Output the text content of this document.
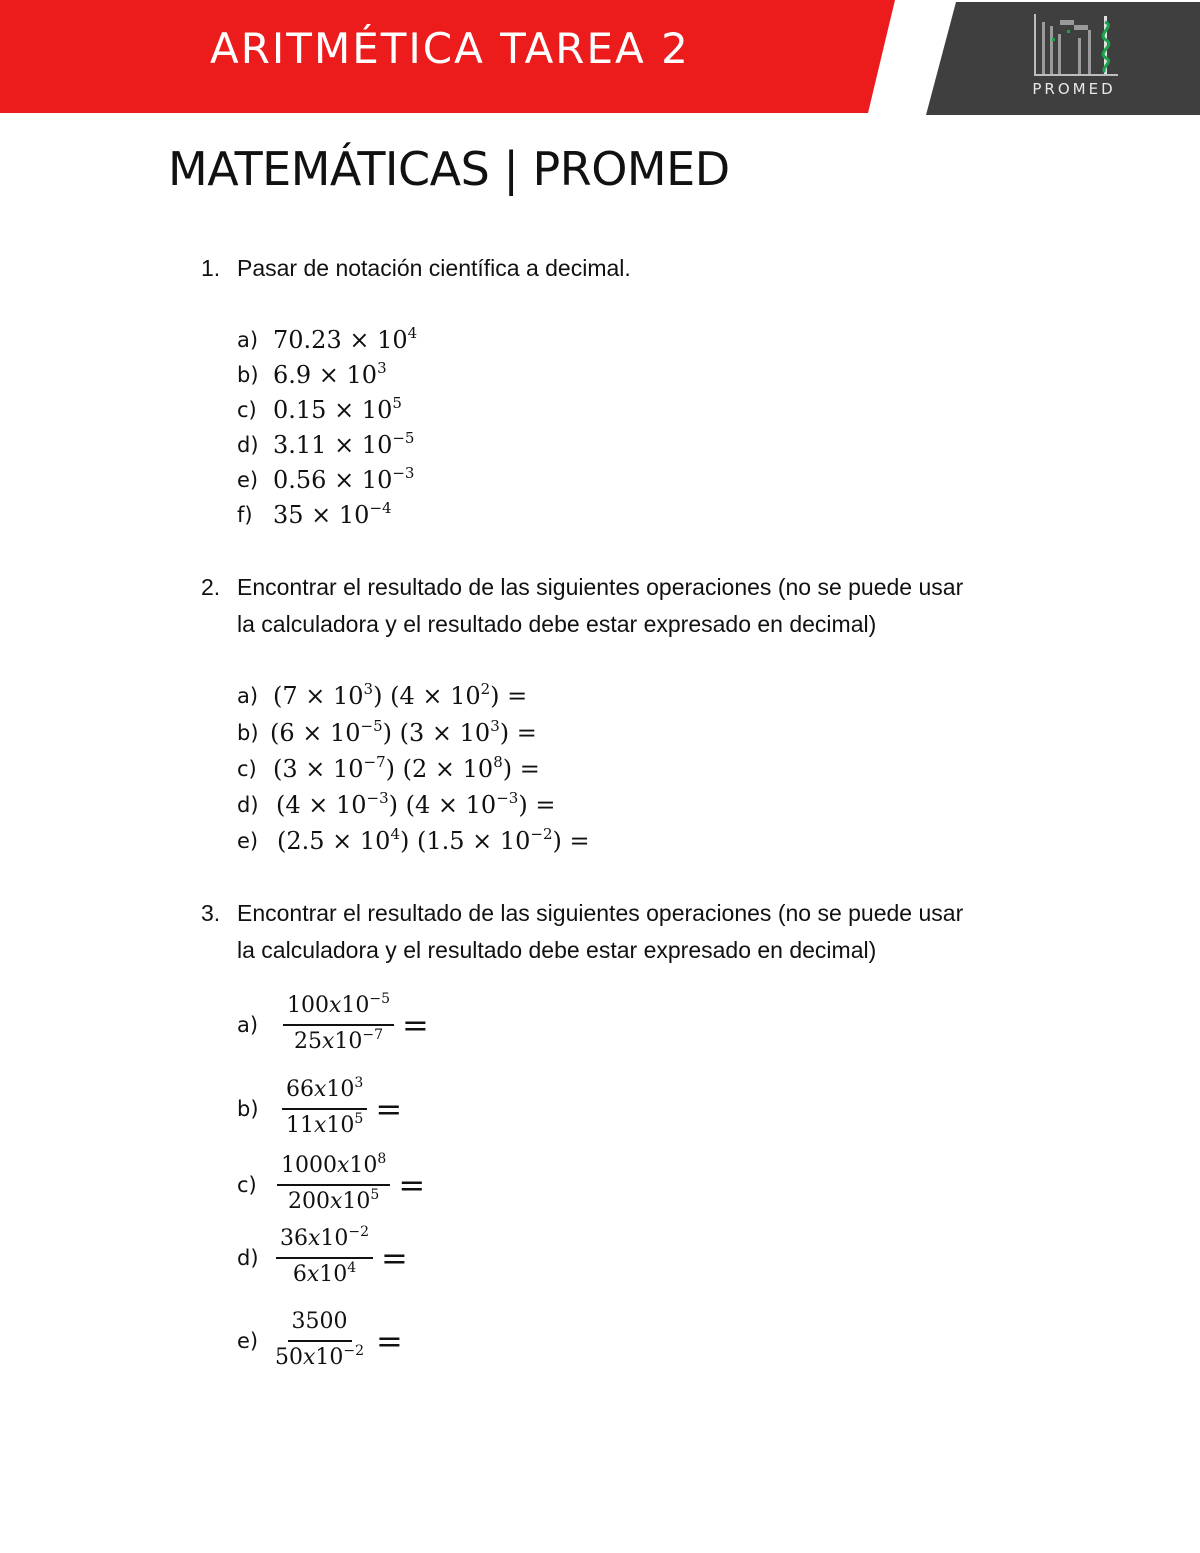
ARITMÉTICA TAREA 2
PROMED
MATEMÁTICAS | PROMED
1. Pasar de notación científica a decimal.
a) $70.23 \times 10^4$
b) $6.9 \times 10^3$
c) $0.15 \times 10^5$
d) $3.11 \times 10^{-5}$
e) $0.56 \times 10^{-3}$
f) $35 \times 10^{-4}$
2. Encontrar el resultado de las siguientes operaciones (no se puede usar
la calculadora y el resultado debe estar expresado en decimal)
a) $(7 \times 10^3)$ $(4 \times 10^2)$ =
b) $(6 \times 10^{-5})$ $(3 \times 10^3)$ =
c) $(3 \times 10^{-7})$ $(2 \times 10^8)$ =
d) $(4 \times 10^{-3})$ $(4 \times 10^{-3})$ =
e) $(2.5 \times 10^4)$ $(1.5 \times 10^{-2})$ =
3. Encontrar el resultado de las siguientes operaciones (no se puede usar
la calculadora y el resultado debe estar expresado en decimal)
a)	$\frac{100𝑥10^{-5}}{25𝑥10^{-7}}$ =
b)	$\frac{66𝑥10^3}{11𝑥10^5}$ =
$c) \frac{1000𝑥10^8}{200𝑥10^5}$ =
$d) \frac{36𝑥10^{-2}}{6𝑥10^4}$ =
$e) \frac{3500}{50𝑥10^{-2}}$ =
